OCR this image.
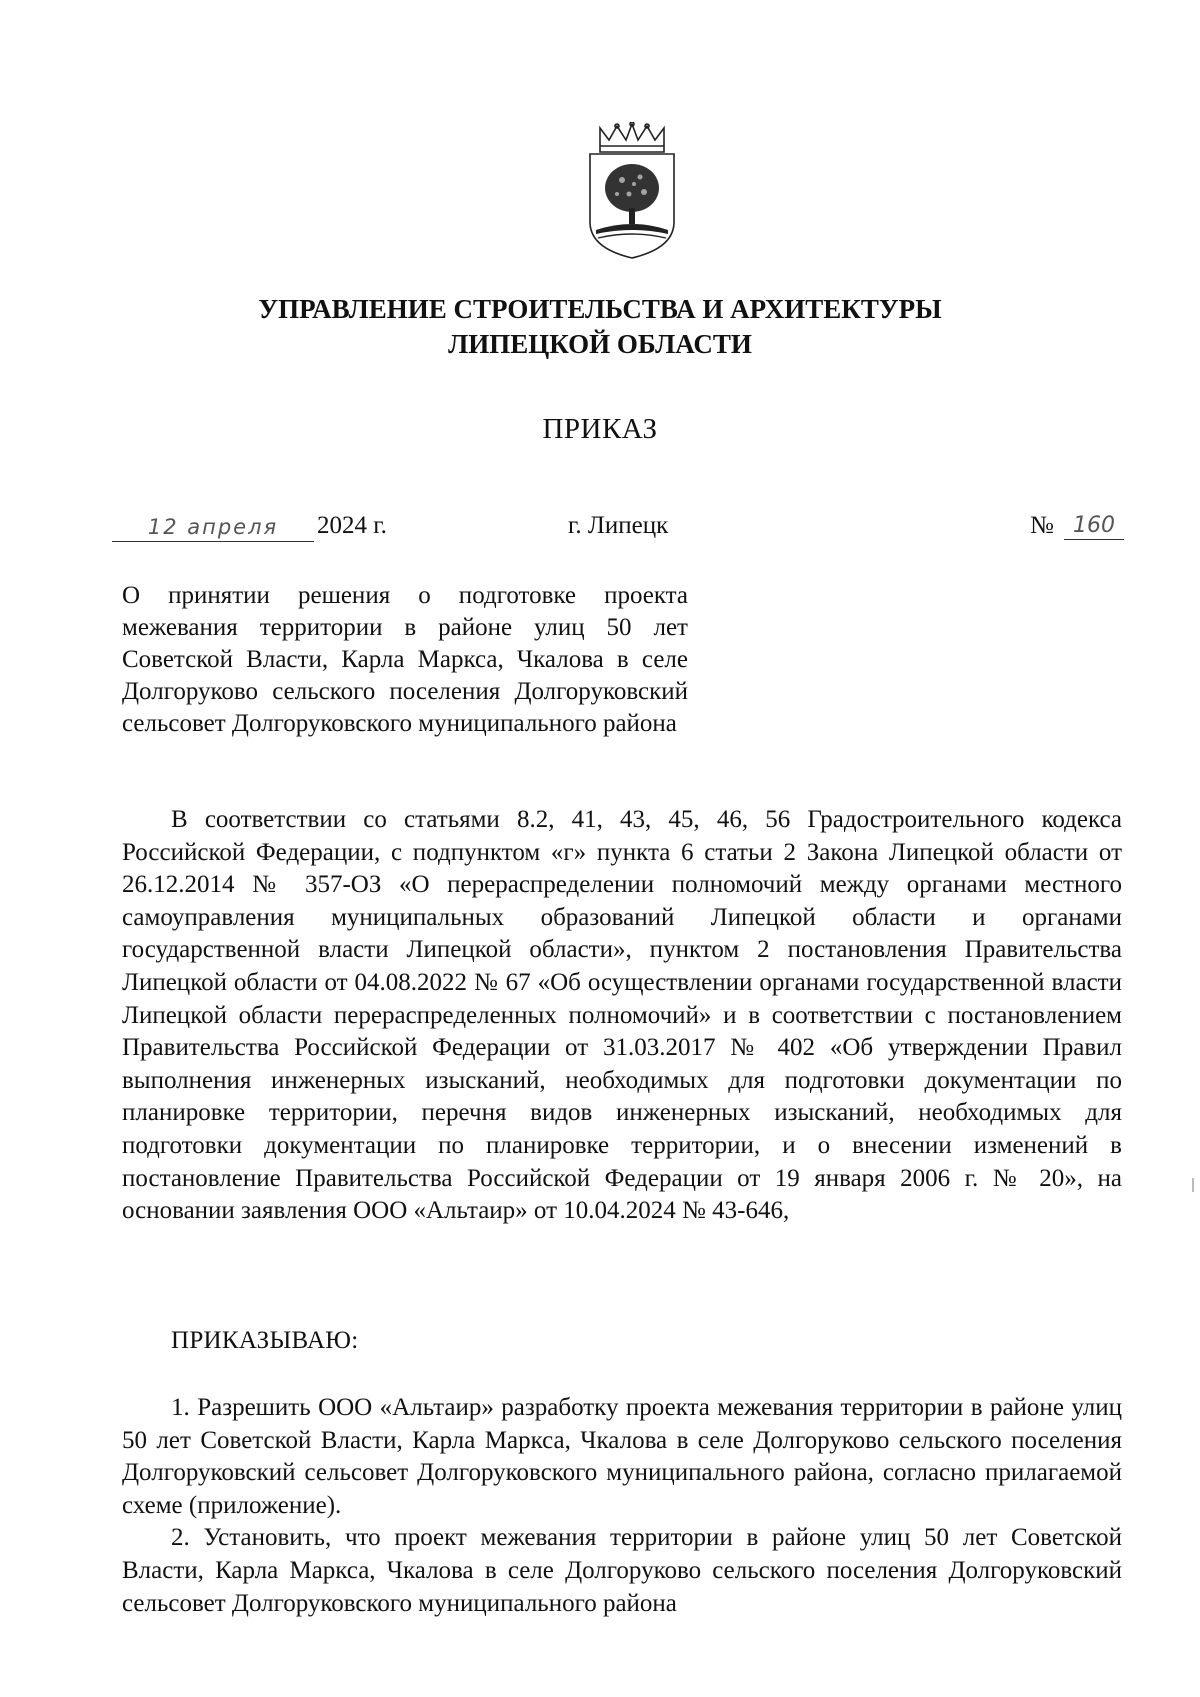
УПРАВЛЕНИЕ СТРОИТЕЛЬСТВА И АРХИТЕКТУРЫ
ЛИПЕЦКОЙ ОБЛАСТИ
ПРИКАЗ
12 апреля	2024 г.	г. Липецк	№ 160
О принятии решения о подготовке проекта межевания территории в районе улиц 50 лет Советской Власти, Карла Маркса, Чкалова в селе Долгоруково сельского поселения Долгоруковский сельсовет Долгоруковского муниципального района

В соответствии со статьями 8.2, 41, 43, 45, 46, 56 Градостроительного кодекса Российской Федерации, с подпунктом «г» пункта 6 статьи 2 Закона Липецкой области от 26.12.2014 № 357-ОЗ «О перераспределении полномочий между органами местного самоуправления муниципальных образований Липецкой области и органами государственной власти Липецкой области», пунктом 2 постановления Правительства Липецкой области от 04.08.2022 № 67 «Об осуществлении органами государственной власти Липецкой области перераспределенных полномочий» и в соответствии с постановлением Правительства Российской Федерации от 31.03.2017 № 402 «Об утверждении Правил выполнения инженерных изысканий, необходимых для подготовки документации по планировке территории, перечня видов инженерных изысканий, необходимых для подготовки документации по планировке территории, и о внесении изменений в постановление Правительства Российской Федерации от 19 января 2006 г. № 20», на основании заявления ООО «Альтаир» от 10.04.2024 № 43-646,

ПРИКАЗЫВАЮ:

1. Разрешить ООО «Альтаир» разработку проекта межевания территории в районе улиц 50 лет Советской Власти, Карла Маркса, Чкалова в селе Долгоруково сельского поселения Долгоруковский сельсовет Долгоруковского муниципального района, согласно прилагаемой схеме (приложение).

2. Установить, что проект межевания территории в районе улиц 50 лет Советской Власти, Карла Маркса, Чкалова в селе Долгоруково сельского поселения Долгоруковский сельсовет Долгоруковского муниципального района
